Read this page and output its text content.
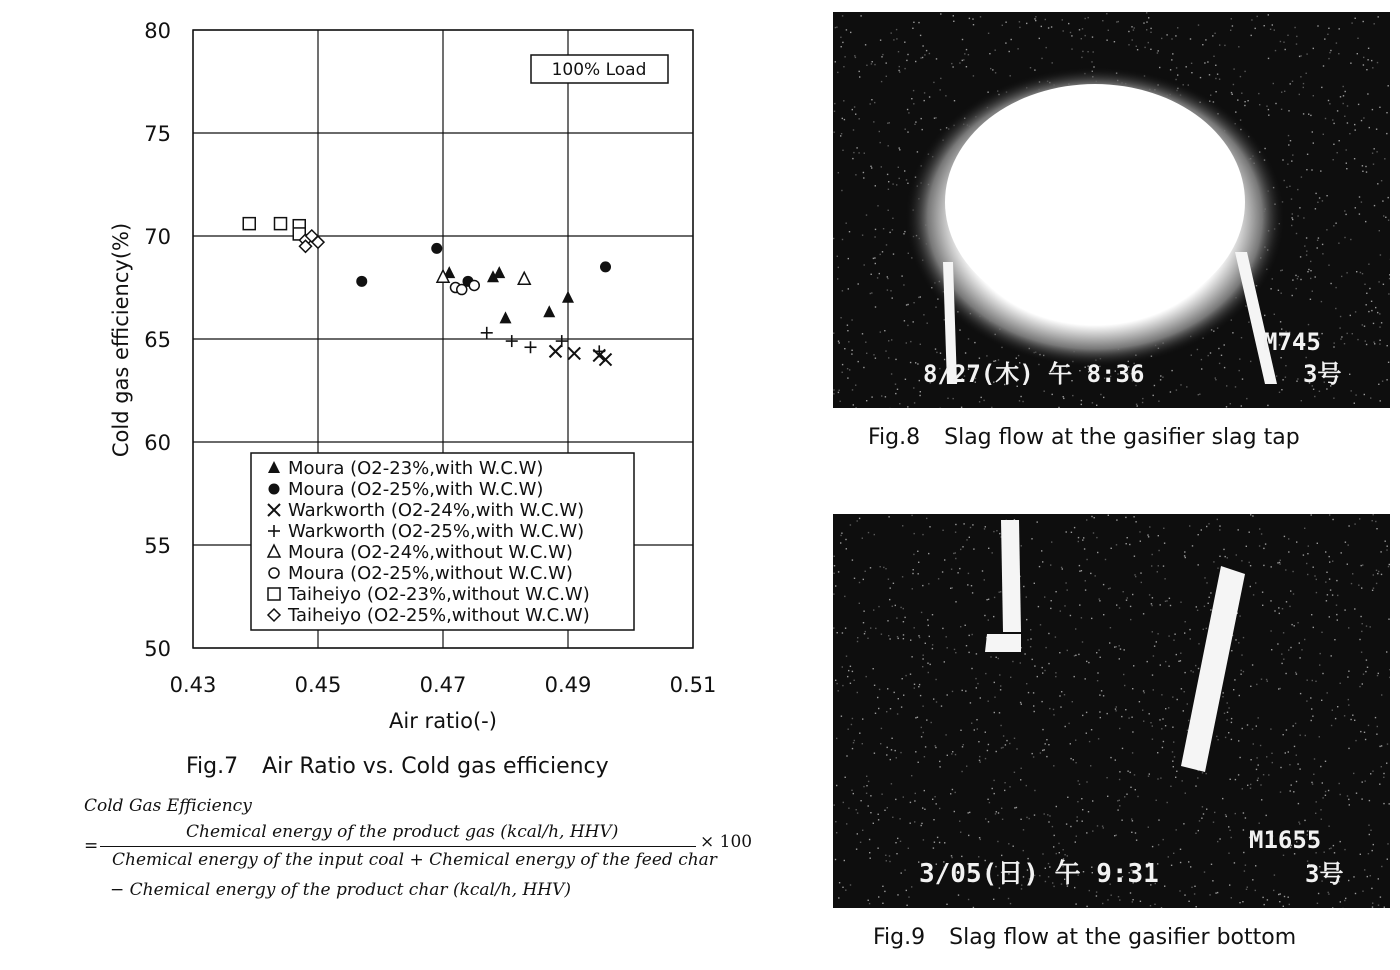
0.43	0.45	0.47	0.49	0.51
50
55
60
65
70
75
80
Air ratio(-)
Cold gas efficiency(%)
100% Load
Moura (O2-23%,with W.C.W)
Moura (O2-25%,with W.C.W)
Warkworth (O2-24%,with W.C.W)
Warkworth (O2-25%,with W.C.W)
Moura (O2-24%,without W.C.W)
Moura (O2-25%,without W.C.W)
Taiheiyo (O2-23%,without W.C.W)
Taiheiyo (O2-25%,without W.C.W)
Fig.7 Air Ratio vs. Cold gas efficiency
Cold Gas Efficiency
Chemical energy of the product gas (kcal/h, HHV)
=	× 100
Chemical energy of the input coal + Chemical energy of the feed char
− Chemical energy of the product char (kcal/h, HHV)
8/27(木) 午 8:36
M745
3号
Fig.8 Slag flow at the gasifier slag tap
3/05(日) 午 9:31
M1655
3号
Fig.9 Slag flow at the gasifier bottom
